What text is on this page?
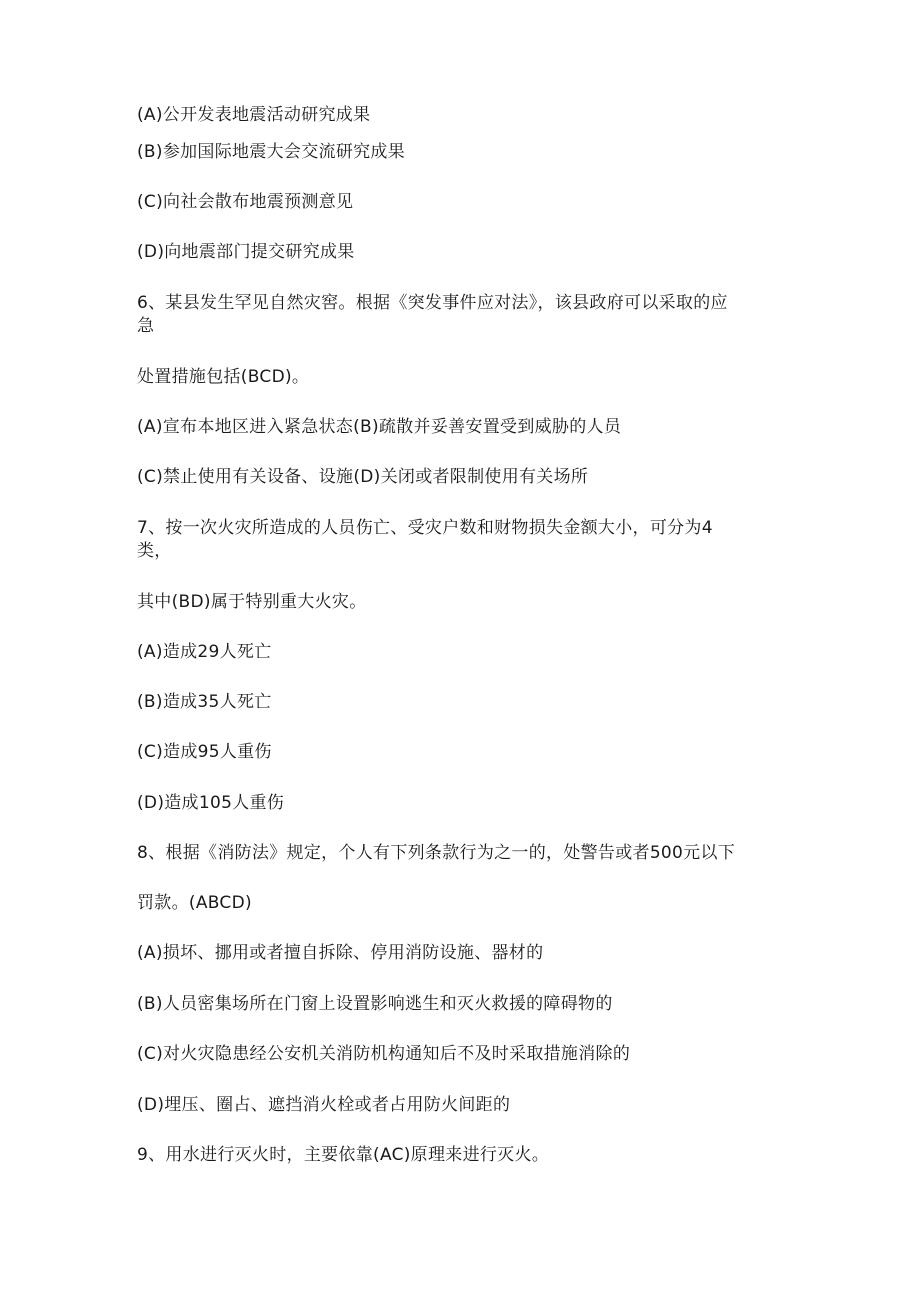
(A)公开发表地震活动研究成果
(B)参加国际地震大会交流研究成果
(C)向社会散布地震预测意见
(D)向地震部门提交研究成果
6、某县发生罕见自然灾窖。根据《突发事件应对法》，该县政府可以采取的应
急
处置措施包括(BCD)。
(A)宣布本地区进入紧急状态(B)疏散并妥善安置受到威胁的人员
(C)禁止使用有关设备、设施(D)关闭或者限制使用有关场所
7、按一次火灾所造成的人员伤亡、受灾户数和财物损失金额大小，可分为4
类，
其中(BD)属于特别重大火灾。
(A)造成29人死亡
(B)造成35人死亡
(C)造成95人重伤
(D)造成105人重伤
8、根据《消防法》规定，个人有下列条款行为之一的，处警告或者500元以下
罚款。(ABCD)
(A)损坏、挪用或者擅自拆除、停用消防设施、器材的
(B)人员密集场所在门窗上设置影响逃生和灭火救援的障碍物的
(C)对火灾隐患经公安机关消防机构通知后不及时采取措施消除的
(D)埋压、圈占、遮挡消火栓或者占用防火间距的
9、用水进行灭火时，主要依靠(AC)原理来进行灭火。
